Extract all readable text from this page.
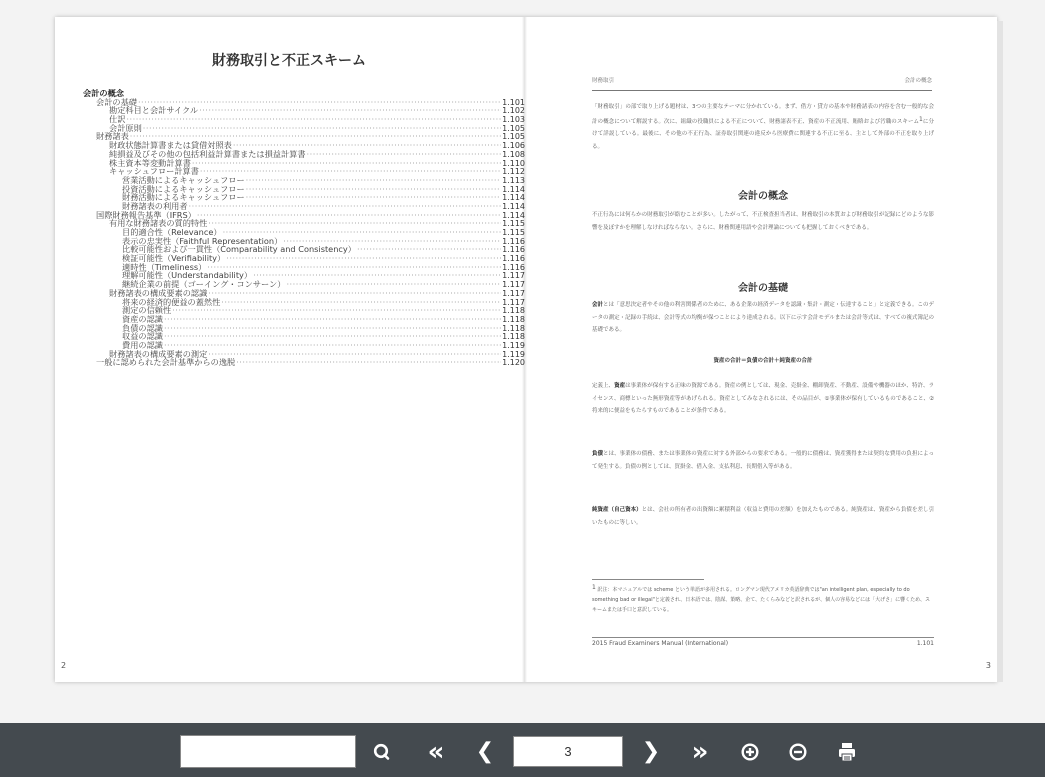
財務取引と不正スキーム
会計の概念
会計の基礎 ·····	1.101
勘定科目と会計サイクル ·····	1.102
仕訳 ·····	1.103
会計原則 ·····	1.105
財務諸表 ·····	1.105
財政状態計算書または貸借対照表 ·····	1.106
純損益及びその他の包括利益計算書または損益計算書 ·····	1.108
株主資本等変動計算書 ·····	1.110
キャッシュフロー計算書 ·····	1.112
営業活動によるキャッシュフロー ·····	1.113
投資活動によるキャッシュフロー ·····	1.114
財務活動によるキャッシュフロー ·····	1.114
財務諸表の利用者 ·····	1.114
国際財務報告基準（IFRS） ·····	1.114
有用な財務諸表の質的特性 ·····	1.115
目的適合性（Relevance） ·····	1.115
表示の忠実性（Faithful Representation） ·····	1.116
比較可能性および一貫性（Comparability and Consistency） ·····	1.116
検証可能性（Verifiability） ·····	1.116
適時性（Timeliness） ·····	1.116
理解可能性（Understandability） ·····	1.117
継続企業の前提（ゴーイング・コンサーン） ·····	1.117
財務諸表の構成要素の認識 ·····	1.117
将来の経済的便益の蓋然性 ·····	1.117
測定の信頼性 ·····	1.118
資産の認識 ·····	1.118
負債の認識 ·····	1.118
収益の認識 ·····	1.118
費用の認識 ·····	1.119
財務諸表の構成要素の測定 ·····	1.119
一般に認められた会計基準からの逸脱 ·····	1.120
2
財務取引	会計の概念
「財務取引」の部で取り上げる題材は、3つの主要なテーマに分かれている。まず、借方・貸方の基本や財務諸表の内容を含む一般的な会計の概念について解説する。次に、組織の役職員による不正について、財務諸表不正、資産の不正流用、賄賂および汚職のスキーム$^1$に分けて詳説している。最後に、その他の不正行為、証券取引関連の違反から医療費に関連する不正に至る、主として外部の不正を取り上げる。
会計の概念
不正行為には何らかの財務取引が絡むことが多い。したがって、不正検査担当者は、財務取引の本質および財務取引が記録にどのような影響を及ぼすかを理解しなければならない。さらに、財務関連用語や会計理論についても把握しておくべきである。
会計の基礎
会計とは「意思決定者やその他の利害関係者のために、ある企業の経済データを認識・集計・測定・伝達すること」と定義できる。このデータの測定・記録の手続は、会計等式の均衡が保つことにより達成される。以下に示す会計モデルまたは会計等式は、すべての複式簿記の基礎である。
資産の合計＝負債の合計＋純資産の合計
定義上、資産は事業体が保有する正味の資源である。資産の例としては、現金、売掛金、棚卸資産、不動産、設備や機器のほか、特許、ライセンス、商標といった無形資産等があげられる。資産としてみなされるには、その品目が、①事業体が保有しているものであること、②将来的に便益をもたらすものであることが条件である。
負債とは、事業体の債務、または事業体の資産に対する外部からの要求である。一般的に債務は、資産獲得または契約な費用の負担によって発生する。負債の例としては、買掛金、借入金、支払利息、長期借入等がある。
純資産（自己資本）とは、会社の所有者の出資額に累積利益（収益と費用の差額）を加えたものである。純資産は、資産から負債を差し引いたものに等しい。
$^1$ 訳注：本マニュアルでは scheme という単語が多用される。ロングマン現代アメリカ英語辞典では"an intelligent plan, especially to do something bad or illegal"と定義され、日本語では、陰謀、策略、企て、たくらみなどと訳されるが、個人の容易などには「大げさ」に響くため、スキームまたは手口と意訳している。
2015 Fraud Examiners Manual (International)	1.101
3
« ❮
3	❯ »
